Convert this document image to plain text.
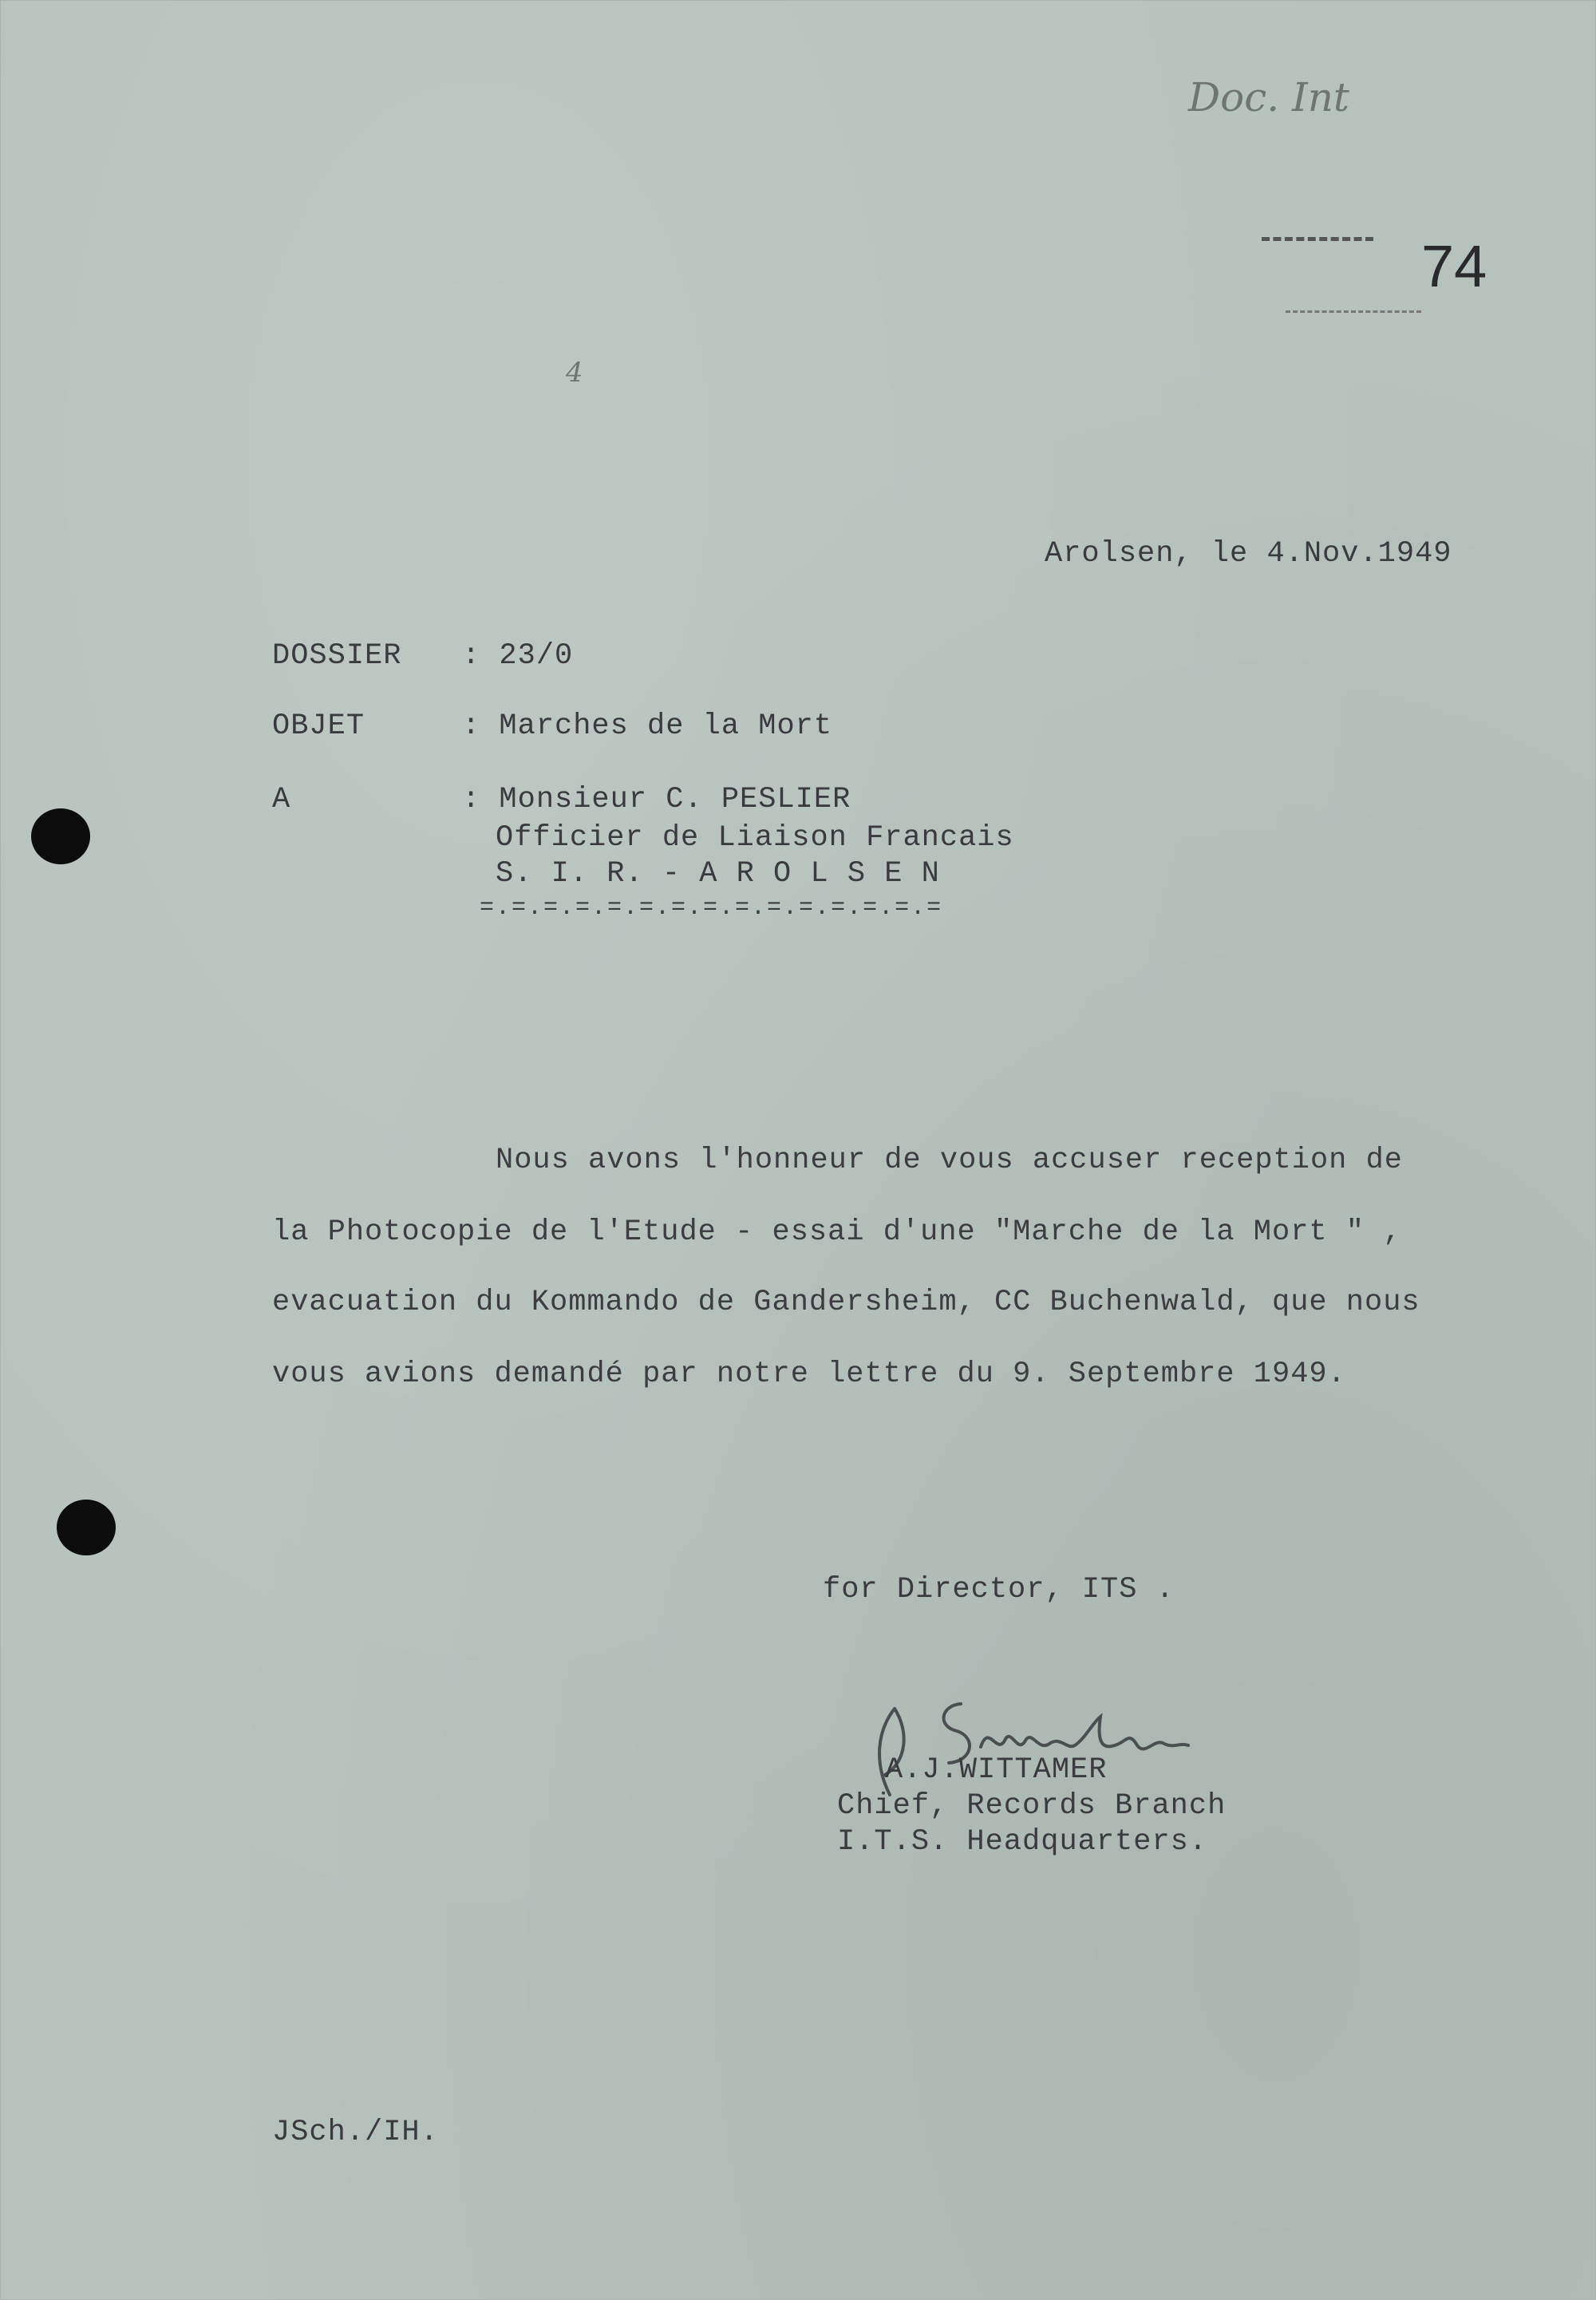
Doc. Int
74
4
Arolsen, le 4.Nov.1949
DOSSIER	: 23/0
OBJET	: Marches de la Mort
A	: Monsieur C. PESLIER
Officier de Liaison Francais
S. I. R. - A R O L S E N
=.=.=.=.=.=.=.=.=.=.=.=.=.=.=
Nous avons l'honneur de vous accuser reception de
la Photocopie de l'Etude - essai d'une "Marche de la Mort " ,
evacuation du Kommando de Gandersheim, CC Buchenwald, que nous
vous avions demandé par notre lettre du 9. Septembre 1949.
for Director, ITS .

A.J.WITTAMER
Chief, Records Branch
I.T.S. Headquarters.
JSch./IH.
